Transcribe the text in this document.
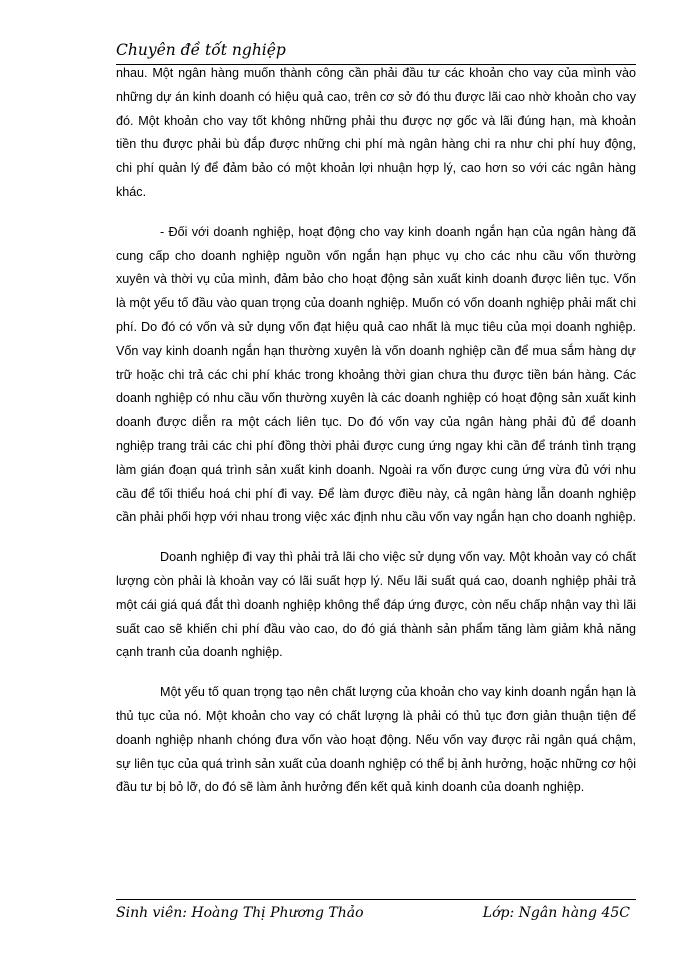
Chuyên đề tốt nghiệp

nhau. Một ngân hàng muốn thành công cần phải đầu tư các khoản cho vay của mình vào những dự án kinh doanh có hiệu quả cao, trên cơ sở đó thu được lãi cao nhờ khoản cho vay đó. Một khoản cho vay tốt không những phải thu được nợ gốc và lãi đúng hạn, mà khoản tiền thu được phải bù đắp được những chi phí mà ngân hàng chi ra như chi phí huy động, chi phí quản lý để đảm bảo có một khoản lợi nhuận hợp lý, cao hơn so với các ngân hàng khác.

- Đối với doanh nghiệp, hoạt động cho vay kinh doanh ngắn hạn của ngân hàng đã cung cấp cho doanh nghiệp nguồn vốn ngắn hạn phục vụ cho các nhu cầu vốn thường xuyên và thời vụ của mình, đảm bảo cho hoạt động sản xuất kinh doanh được liên tục. Vốn là một yếu tố đầu vào quan trọng của doanh nghiệp. Muốn có vốn doanh nghiệp phải mất chi phí. Do đó có vốn và sử dụng vốn đạt hiệu quả cao nhất là mục tiêu của mọi doanh nghiệp. Vốn vay kinh doanh ngắn hạn thường xuyên là vốn doanh nghiệp cần để mua sắm hàng dự trữ hoặc chi trả các chi phí khác trong khoảng thời gian chưa thu được tiền bán hàng. Các doanh nghiệp có nhu cầu vốn thường xuyên là các doanh nghiệp có hoạt động sản xuất kinh doanh được diễn ra một cách liên tục. Do đó vốn vay của ngân hàng phải đủ để doanh nghiệp trang trải các chi phí đồng thời phải được cung ứng ngay khi cần để tránh tình trạng làm gián đoạn quá trình sản xuất kinh doanh. Ngoài ra vốn được cung ứng vừa đủ với nhu cầu để tối thiểu hoá chi phí đi vay. Để làm được điều này, cả ngân hàng lẫn doanh nghiệp cần phải phối hợp với nhau trong việc xác định nhu cầu vốn vay ngắn hạn cho doanh nghiệp.

Doanh nghiệp đi vay thì phải trả lãi cho việc sử dụng vốn vay. Một khoản vay có chất lượng còn phải là khoản vay có lãi suất hợp lý. Nếu lãi suất quá cao, doanh nghiệp phải trả một cái giá quá đắt thì doanh nghiệp không thể đáp ứng được, còn nếu chấp nhận vay thì lãi suất cao sẽ khiến chi phí đầu vào cao, do đó giá thành sản phẩm tăng làm giảm khả năng cạnh tranh của doanh nghiệp.

Một yếu tố quan trọng tạo nên chất lượng của khoản cho vay kinh doanh ngắn hạn là thủ tục của nó. Một khoản cho vay có chất lượng là phải có thủ tục đơn giản thuận tiện để doanh nghiệp nhanh chóng đưa vốn vào hoạt động. Nếu vốn vay được rải ngân quá chậm, sự liên tục của quá trình sản xuất của doanh nghiệp có thể bị ảnh hưởng, hoặc những cơ hội đầu tư bị bỏ lỡ, do đó sẽ làm ảnh hưởng đến kết quả kinh doanh của doanh nghiệp.

Sinh viên: Hoàng Thị Phương Thảo	Lớp: Ngân hàng 45C
